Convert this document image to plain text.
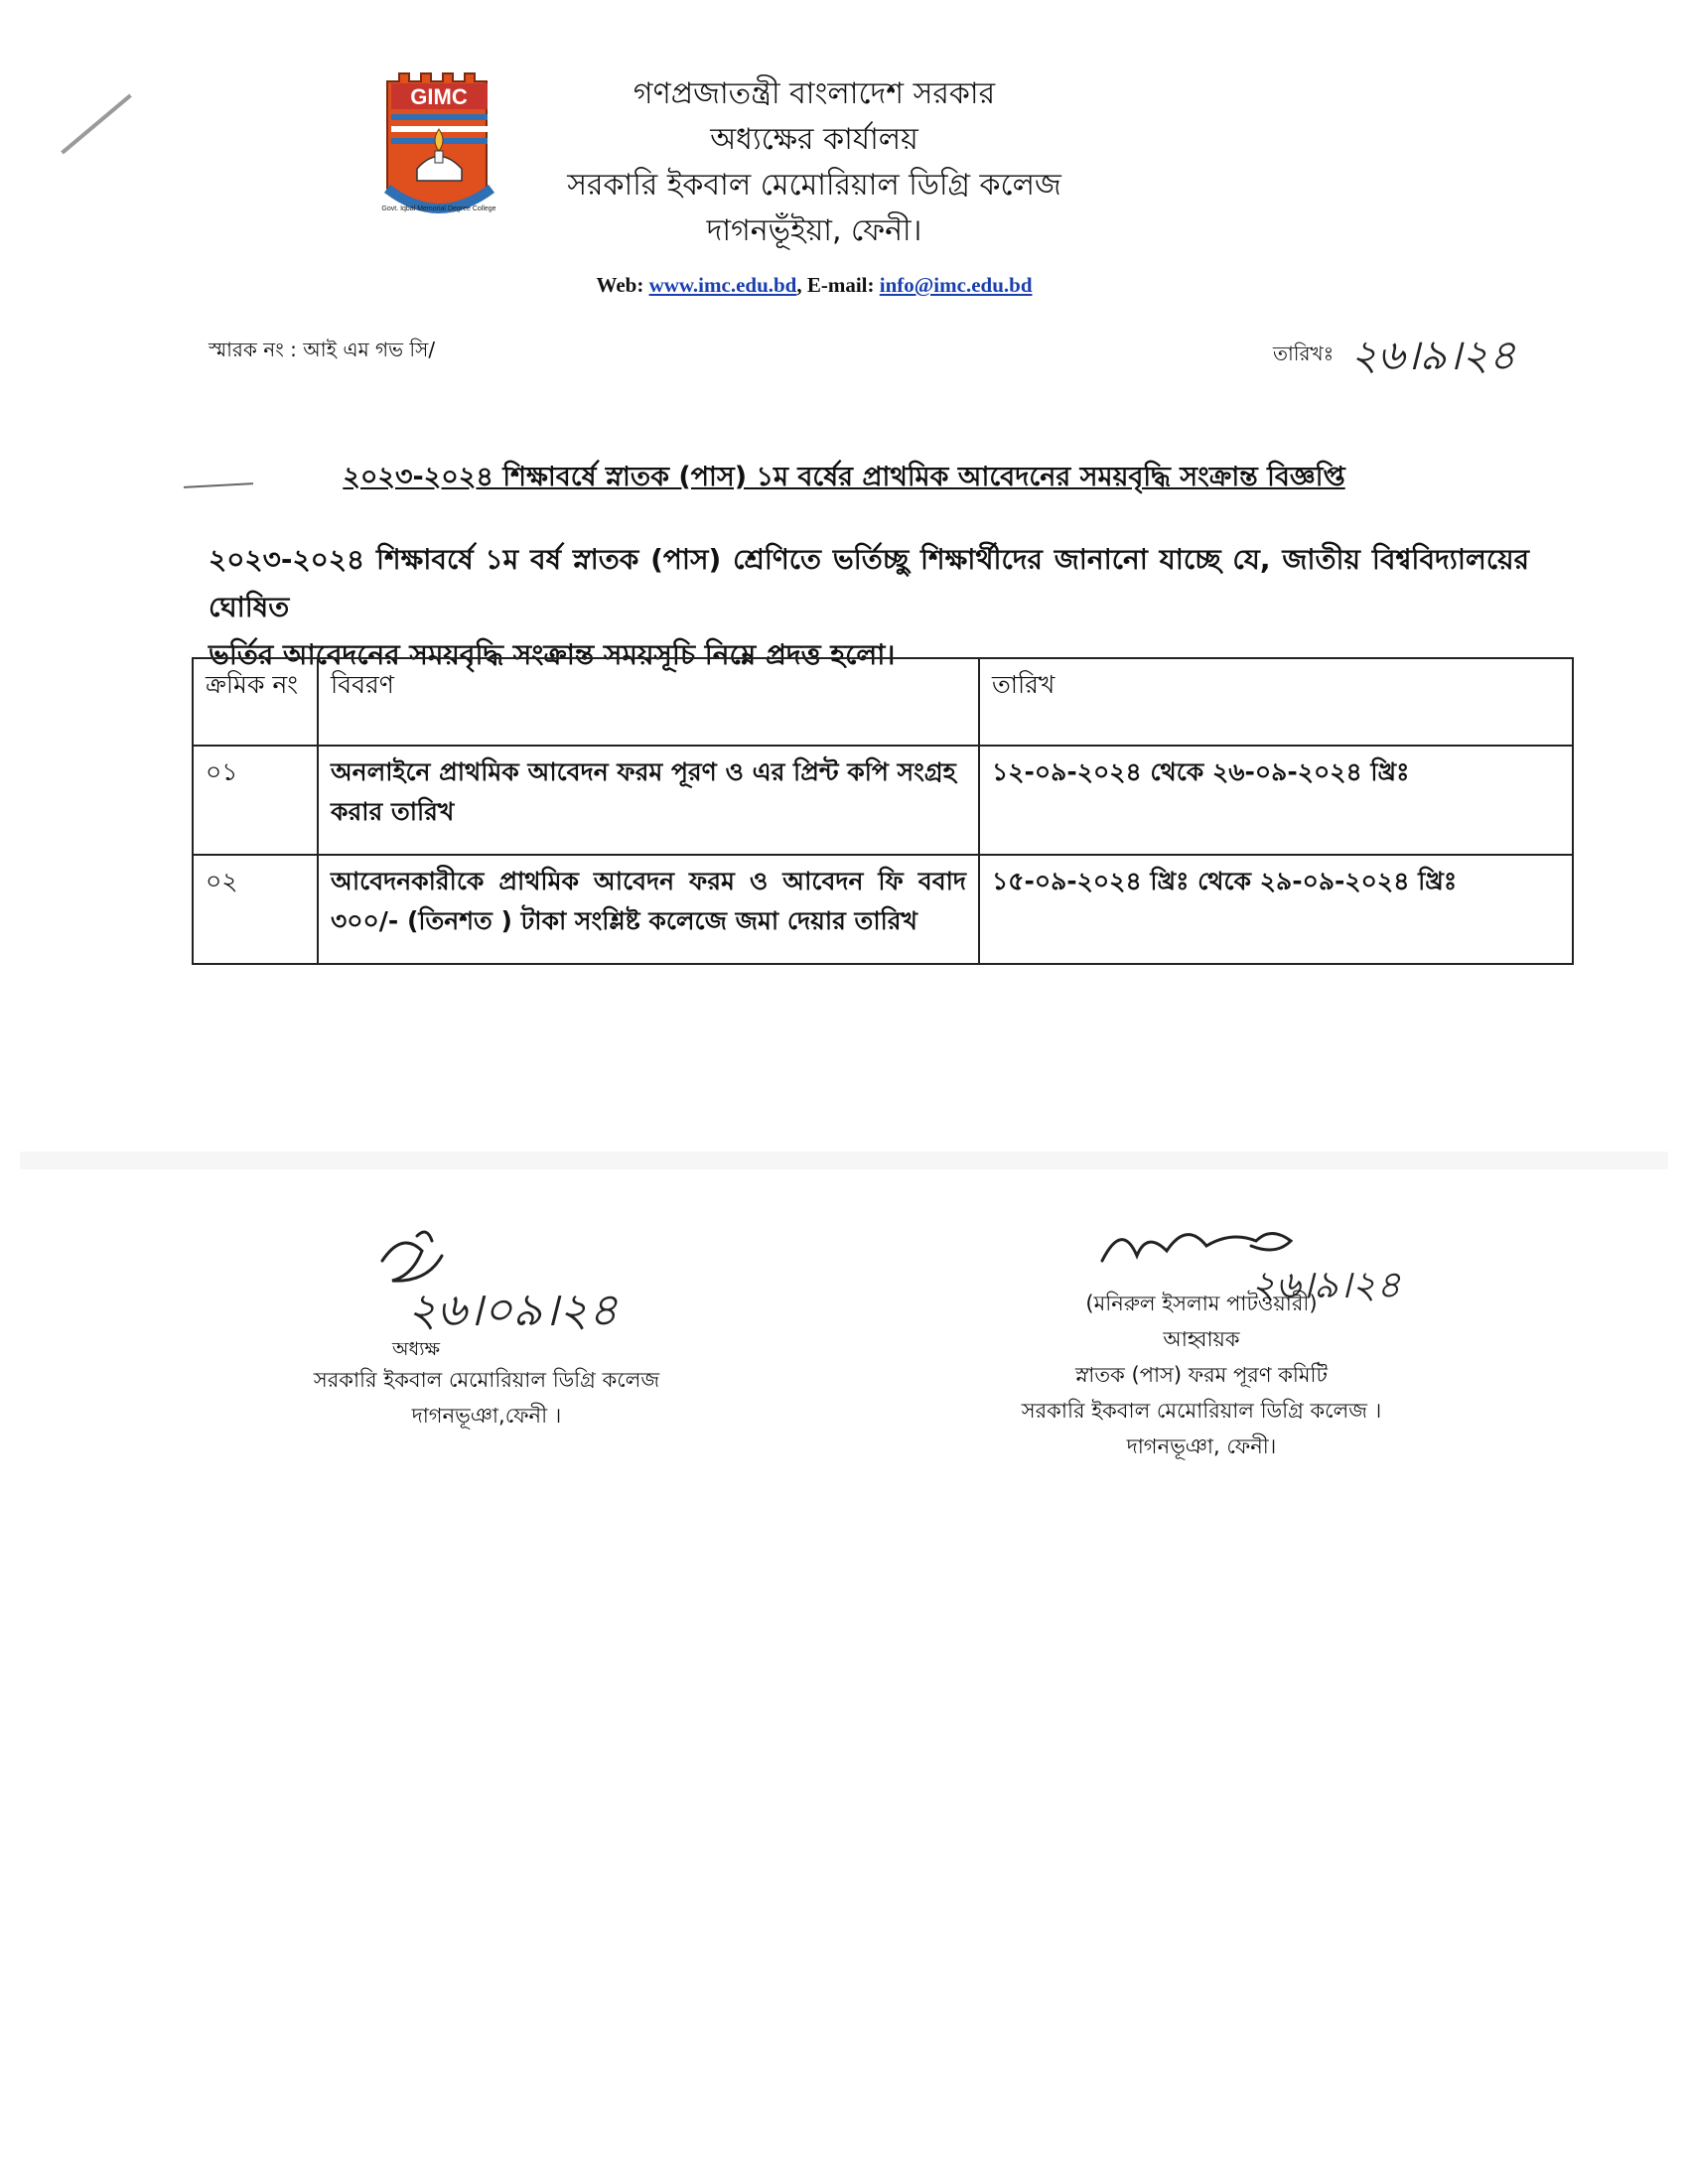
GIMC
Govt. Iqbal Memorial Degree College
গণপ্রজাতন্ত্রী বাংলাদেশ সরকার
অধ্যক্ষের কার্যালয়
সরকারি ইকবাল মেমোরিয়াল ডিগ্রি কলেজ
দাগনভূঁইয়া, ফেনী।
Web: www.imc.edu.bd, E-mail: info@imc.edu.bd
স্মারক নং : আই এম গভ সি/	তারিখঃ ২৬।৯।২৪
২০২৩-২০২৪ শিক্ষাবর্ষে স্নাতক (পাস) ১ম বর্ষের প্রাথমিক আবেদনের সময়বৃদ্ধি সংক্রান্ত বিজ্ঞপ্তি
২০২৩-২০২৪ শিক্ষাবর্ষে ১ম বর্ষ স্নাতক (পাস) শ্রেণিতে ভর্তিচ্ছু শিক্ষার্থীদের জানানো যাচ্ছে যে, জাতীয় বিশ্ববিদ্যালয়ের ঘোষিত
ভর্তির আবেদনের সময়বৃদ্ধি সংক্রান্ত সময়সূচি নিম্নে প্রদত্ত হলো।
ক্রমিক নং	বিবরণ	তারিখ
০১	অনলাইনে প্রাথমিক আবেদন ফরম পূরণ ও এর প্রিন্ট কপি সংগ্রহ করার তারিখ	১২-০৯-২০২৪ থেকে ২৬-০৯-২০২৪ খ্রিঃ
০২	আবেদনকারীকে প্রাথমিক আবেদন ফরম ও আবেদন ফি ববাদ ৩০০/- (তিনশত ) টাকা সংশ্লিষ্ট কলেজে জমা দেয়ার তারিখ	১৫-০৯-২০২৪ খ্রিঃ থেকে ২৯-০৯-২০২৪ খ্রিঃ
২৬।০৯।২৪
অধ্যক্ষ
সরকারি ইকবাল মেমোরিয়াল ডিগ্রি কলেজ
দাগনভূঞা,ফেনী ।
২৬।৯।২৪
(মনিরুল ইসলাম পাটওয়ারী)
আহ্বায়ক
স্নাতক (পাস) ফরম পূরণ কমিটি
সরকারি ইকবাল মেমোরিয়াল ডিগ্রি কলেজ ।
দাগনভূঞা, ফেনী।
